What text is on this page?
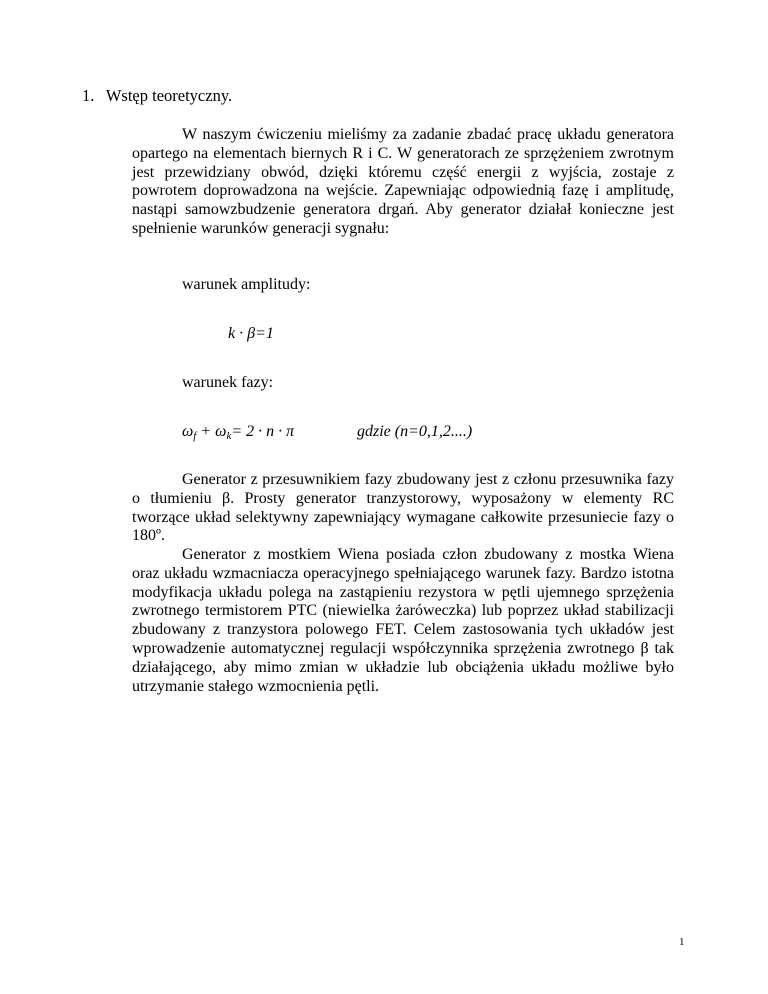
1. Wstęp teoretyczny.
W naszym ćwiczeniu mieliśmy za zadanie zbadać pracę układu generatora opartego na elementach biernych R i C. W generatorach ze sprzężeniem zwrotnym jest przewidziany obwód, dzięki któremu część energii z wyjścia, zostaje z powrotem doprowadzona na wejście. Zapewniając odpowiednią fazę i amplitudę, nastąpi samowzbudzenie generatora drgań. Aby generator działał konieczne jest spełnienie warunków generacji sygnału:
warunek amplitudy:
k · β=1
warunek fazy:
$\omega_f + \omega_k= 2 \cdot n \cdot \pi$	gdzie (n=0,1,2....)
Generator z przesuwnikiem fazy zbudowany jest z członu przesuwnika fazy o tłumieniu β. Prosty generator tranzystorowy, wyposażony w elementy RC tworzące układ selektywny zapewniający wymagane całkowite przesuniecie fazy o 180º.
Generator z mostkiem Wiena posiada człon zbudowany z mostka Wiena oraz układu wzmacniacza operacyjnego spełniającego warunek fazy. Bardzo istotna modyfikacja układu polega na zastąpieniu rezystora w pętli ujemnego sprzężenia zwrotnego termistorem PTC (niewielka żaróweczka) lub poprzez układ stabilizacji zbudowany z tranzystora polowego FET. Celem zastosowania tych układów jest wprowadzenie automatycznej regulacji współczynnika sprzężenia zwrotnego β tak działającego, aby mimo zmian w układzie lub obciążenia układu możliwe było utrzymanie stałego wzmocnienia pętli.
1
